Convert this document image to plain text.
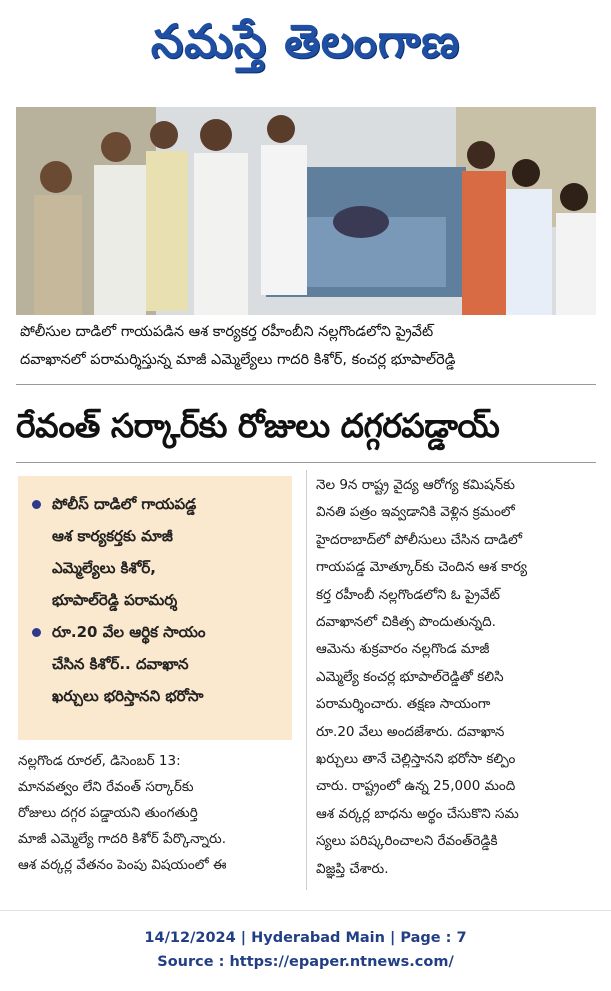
నమస్తే తెలంగాణ
పోలీసుల దాడిలో గాయపడిన ఆశ కార్యకర్త రహీంబీని నల్లగొండలోని ప్రైవేట్
దవాఖానలో పరామర్శిస్తున్న మాజీ ఎమ్మెల్యేలు గాదరి కిశోర్, కంచర్ల భూపాల్‌రెడ్డి
రేవంత్ సర్కార్‌కు రోజులు దగ్గరపడ్డాయ్
పోలీస్ దాడిలో గాయపడ్డ
ఆశ కార్యకర్తకు మాజీ
ఎమ్మెల్యేలు కిశోర్,
భూపాల్‌రెడ్డి పరామర్శ
రూ.20 వేల ఆర్థిక సాయం
చేసిన కిశోర్.. దవాఖాన
ఖర్చులు భరిస్తానని భరోసా
నల్లగొండ రూరల్, డిసెంబర్ 13:
మానవత్వం లేని రేవంత్ సర్కార్‌కు
రోజులు దగ్గర పడ్డాయని తుంగతుర్తి
మాజీ ఎమ్మెల్యే గాదరి కిశోర్ పేర్కొన్నారు.
ఆశ వర్కర్ల వేతనం పెంపు విషయంలో ఈ
నెల 9న రాష్ట్ర వైద్య ఆరోగ్య కమిషన్‌కు
వినతి పత్రం ఇవ్వడానికి వెళ్లిన క్రమంలో
హైదరాబాద్‌లో పోలీసులు చేసిన దాడిలో
గాయపడ్డ మోత్కూర్‌కు చెందిన ఆశ కార్య
కర్త రహీంబీ నల్లగొండలోని ఓ ప్రైవేట్
దవాఖానలో చికిత్స పొందుతున్నది.
ఆమెను శుక్రవారం నల్లగొండ మాజీ
ఎమ్మెల్యే కంచర్ల భూపాల్‌రెడ్డితో కలిసి
పరామర్శించారు. తక్షణ సాయంగా
రూ.20 వేలు అందజేశారు. దవాఖాన
ఖర్చులు తానే చెల్లిస్తానని భరోసా కల్పిం
చారు. రాష్ట్రంలో ఉన్న 25,000 మంది
ఆశ వర్కర్ల బాధను అర్థం చేసుకొని సమ
స్యలు పరిష్కరించాలని రేవంత్‌రెడ్డికి
విజ్ఞప్తి చేశారు.
14/12/2024 | Hyderabad Main | Page : 7
Source : https://epaper.ntnews.com/
